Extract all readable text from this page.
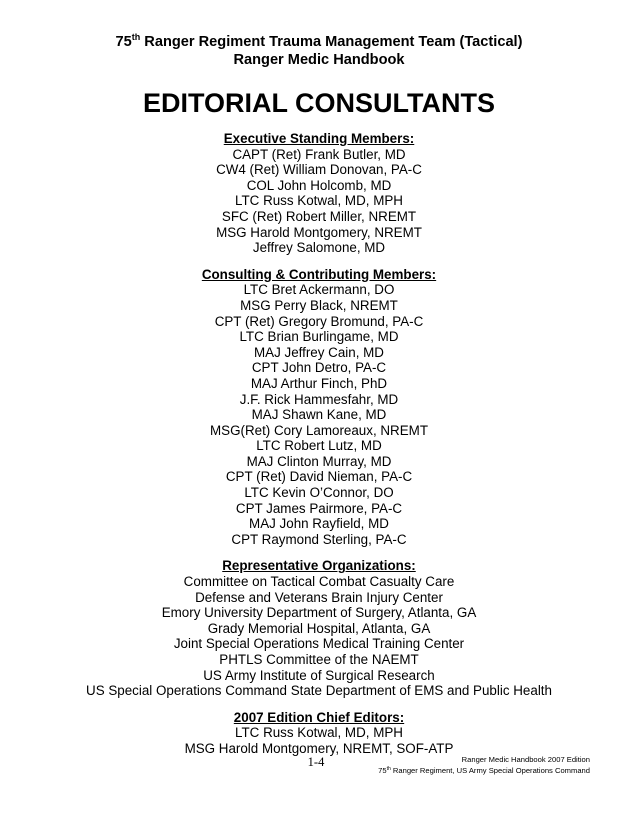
75th Ranger Regiment Trauma Management Team (Tactical)
Ranger Medic Handbook
EDITORIAL CONSULTANTS
Executive Standing Members:
CAPT (Ret) Frank Butler, MD
CW4 (Ret) William Donovan, PA-C
COL John Holcomb, MD
LTC Russ Kotwal, MD, MPH
SFC (Ret) Robert Miller, NREMT
MSG Harold Montgomery, NREMT
Jeffrey Salomone, MD
Consulting & Contributing Members:
LTC Bret Ackermann, DO
MSG Perry Black, NREMT
CPT (Ret) Gregory Bromund, PA-C
LTC Brian Burlingame, MD
MAJ Jeffrey Cain, MD
CPT John Detro, PA-C
MAJ Arthur Finch, PhD
J.F. Rick Hammesfahr, MD
MAJ Shawn Kane, MD
MSG(Ret) Cory Lamoreaux, NREMT
LTC Robert Lutz, MD
MAJ Clinton Murray, MD
CPT (Ret) David Nieman, PA-C
LTC Kevin O’Connor, DO
CPT James Pairmore, PA-C
MAJ John Rayfield, MD
CPT Raymond Sterling, PA-C
Representative Organizations:
Committee on Tactical Combat Casualty Care
Defense and Veterans Brain Injury Center
Emory University Department of Surgery, Atlanta, GA
Grady Memorial Hospital, Atlanta, GA
Joint Special Operations Medical Training Center
PHTLS Committee of the NAEMT
US Army Institute of Surgical Research
US Special Operations Command State Department of EMS and Public Health
2007 Edition Chief Editors:
LTC Russ Kotwal, MD, MPH
MSG Harold Montgomery, NREMT, SOF-ATP
1-4	Ranger Medic Handbook 2007 Edition
75th Ranger Regiment, US Army Special Operations Command
